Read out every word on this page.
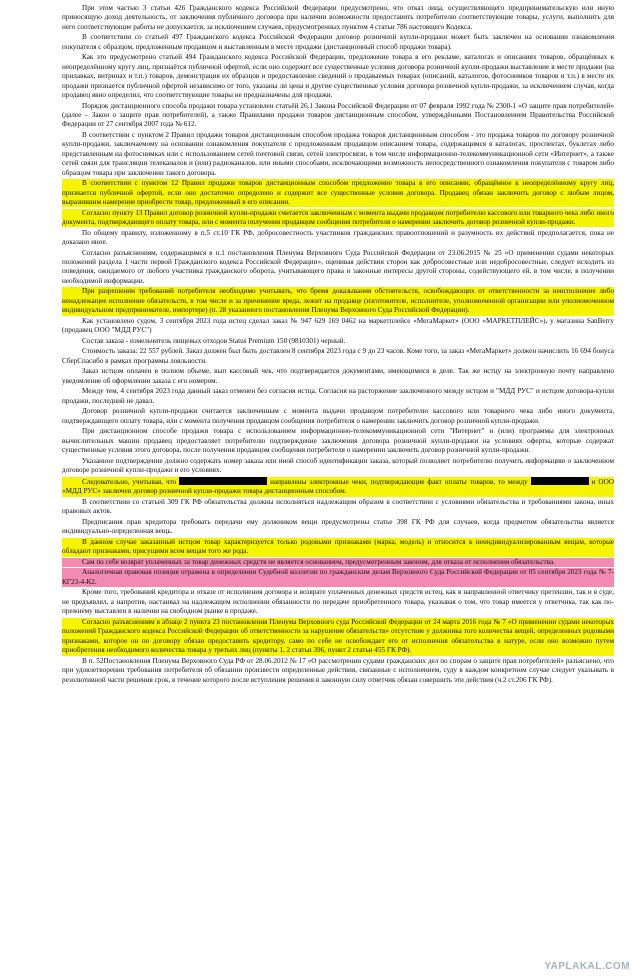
При этом частью 3 статьи 426 Гражданского кодекса Российской Федерации предусмотрено, что отказ лица, осуществляющего предпринимательскую или иную приносящую доход деятельность, от заключения публичного договора при наличии возможности предоставить потребителю соответствующие товары, услуги, выполнить для него соответствующие работы не допускается, за исключением случаев, предусмотренных пунктом 4 статьи 786 настоящего Кодекса.

В соответствии со статьей 497 Гражданского кодекса Российской Федерации договор розничной купли-продажи может быть заключен на основании ознакомления покупателя с образцом, предложенным продавцом и выставленным в месте продажи (дистанционный способ продажи товара).

Как это предусмотрено статьей 494 Гражданского кодекса Российской Федерации, предложение товара в его рекламе, каталогах и описаниях товаров, обращённых к неопределённому кругу лиц, признаётся публичной офертой, если оно содержит все существенные условия договора розничной купли-продажи выставление в месте продажи (на прилавках, витринах и т.п.) товаров, демонстрация их образцов и предоставление сведений о продаваемых товарах (описаний, каталогов, фотоснимков товаров и т.п.) в месте их продажи признается публичной офертой независимо от того, указаны ли цена и другие существенные условия договора розничной купли-продажи, за исключением случая, когда продавец явно определил, что соответствующие товары не предназначены для продажи.

Порядок дистанционного способа продажи товара установлен статьёй 26.1 Закона Российской Федерации от 07 февраля 1992 года № 2300-1 «О защите прав потребителей» (далее – Закон о защите прав потребителей), а также Правилами продажи товаров дистанционным способом, утверждёнными Постановлением Правительства Российской Федерации от 27 сентября 2007 года № 612.

В соответствии с пунктом 2 Правил продажи товаров дистанционным способом продажа товаров дистанционным способом - это продажа товаров по договору розничной купли-продажи, заключаемому на основании ознакомления покупателя с предложенным продавцом описанием товара, содержащимся в каталогах, проспектах, буклетах либо представленным на фотоснимках или с использованием сетей почтовой связи, сетей электросвязи, в том числе информационно-телекоммуникационной сети «Интернет», а также сетей связи для трансляции телеканалов и (или) радиоканалов, или иными способами, исключающими возможность непосредственного ознакомления покупателя с товаром либо образцом товара при заключении такого договора.

В соответствии с пунктом 12 Правил продажи товаров дистанционным способом предложение товара в его описании, обращённое к неопределённому кругу лиц, признается публичной офертой, если оно достаточно определено и содержит все существенные условия договора. Продавец обязан заключить договор с любым лицом, выразившим намерение приобрести товар, предложенный в его описании.

Согласно пункту 13 Правил договор розничной купли-продажи считается заключенным с момента выдачи продавцом потребителю кассового или товарного чека либо иного документа, подтверждающего оплату товара, или с момента получения продавцом сообщения потребителя о намерении заключить договор розничной купли-продажи.

По общему правилу, изложенному в п.5 ст.10 ГК РФ, добросовестность участников гражданских правоотношений и разумность их действий предполагается, пока не доказано иное.

Согласно разъяснениям, содержащимся в п.1 постановления Пленума Верховного Суда Российской Федерации от 23.06.2015 № 25 «О применении судами некоторых положений раздела 1 части первой Гражданского кодекса Российской Федерации», оценивая действия сторон как добросовестные или недобросовестные, следует исходить из поведения, ожидаемого от любого участника гражданского оборота, учитывающего права и законные интересы другой стороны, содействующего ей, в том числе, в получении необходимой информации.

При разрешении требований потребителя необходимо учитывать, что бремя доказывания обстоятельств, освобождающих от ответственности за неисполнение либо ненадлежащее исполнение обязательств, в том числе и за причинение вреда, лежит на продавце (изготовителе, исполнителе, уполномоченной организации или уполномоченном индивидуальном предпринимателе, импортере) (п. 28 указанного постановления Пленума Верховного Суда Российской Федерации).

Как установлено судом, 3 сентября 2023 года истец сделал заказ № 947 629 169 0462 на маркетплейсе «МегаМаркет» (ООО «МАРКЕТПЛЕЙС»), у магазина SanBerry (продавец ООО "МДД РУС")

Состав заказа - измельчитель пищевых отходов Status Premium 150 (9810301) черный.

Стоимость заказа: 22 557 рублей. Заказ должен был быть доставлен 8 сентября 2023 года с 9 до 23 часов. Коме того, за заказ «МегаМаркет» должен начислить 16 694 бонуса СберСпасибо в рамках программы лояльности.

Заказ истцом оплачен в полном объеме, вып кассовый чек, что подтверждается документами, имеющимися в деле. Так же истцу на электронную почту направлено уведомление об оформлении заказа с его номером.

Между тем, 4 сентября 2023 года данный заказ отменен без согласия истца. Согласия на расторжение заключенного между истцом и "МДД РУС" и истцом договора-купли продажи, последний не давал.

Договор розничной купли-продажи считается заключенным с момента выдачи продавцом потребителю кассового или товарного чека либо иного документа, подтверждающего оплату товара, или с момента получения продавцом сообщения потребителя о намерении заключить договор розничной купли-продажи.

При дистанционном способе продажи товара с использованием информационно-телекоммуникационной сети "Интернет" и (или) программы для электронных вычислительных машин продавец предоставляет потребителю подтверждение заключения договора розничной купли-продажи на условиях оферты, которые содержат существенные условия этого договора, после получения продавцом сообщения потребителя о намерении заключить договор розничной купли-продажи.

Указанное подтверждение должно содержать номер заказа или иной способ идентификации заказа, который позволяет потребителю получить информацию о заключенном договоре розничной купли-продажи и его условиях.

Следовательно, учитывая, что	направлены электронные чеки, подтверждающие факт оплаты товаров, то между	и ООО «МДД РУС» заключен договор розничной купли-продажи товара дистанционным способом.

В соответствии со статьей 309 ГК РФ обязательства должны исполняться надлежащим образом в соответствии с условиями обязательства и требованиями закона, иных правовых актов.

Предписания прав кредитора требовать передачи ему должником вещи предусмотрены статье 398 ГК РФ для случаев, когда предметом обязательства является индивидуально-определенная вещь.

В данном случае заказанный истцом товар характеризуется только родовыми признаками (марка, модель) и относится к неиндивидуализированным вещам, которые обладают признаками, присущими всем вещам того же рода.

Сам по себе возврат уплаченных за товар денежных средств не является основанием, предусмотренным законом, для отказа от исполнения обязательства.

Аналогичная правовая позиция отражена в определении Судебной коллегии по гражданским делам Верховного Суда Российской Федерации от 05 сентября 2023 года № 7-КГ23-4-К2.

Кроме того, требований кредитора и отказе от исполнения договора и возврате уплаченных денежных средств истец, как в направленной ответчику претензии, так и в суде, не предъявлял, а напротив, настаивал на надлежащем исполнении обязанности по передаче приобретенного товара, указывая о том, что товар имеется у ответчика, так как по-прежнему выставлен в наличии на свободном рынке в продаже.

Согласно разъяснениям в абзаце 2 пункта 23 постановления Пленума Верховного суда Российской Федерации от 24 марта 2016 года № 7 «О применении судами некоторых положений Гражданского кодекса Российской Федерации об ответственности за нарушение обязательств» отсутствие у должника того количества вещей, определенных родовыми признаками, которое он по договору обязан предоставить кредитору, само по себе не освобождает его от исполнения обязательства в натуре, если оно возможно путем приобретения необходимого количества товара у третьих лиц (пункты 1, 2 статьи 396, пункт 2 статьи 455 ГК РФ).

В п. 52Постановления Пленума Верховного Суда РФ от 28.06.2012 № 17 «О рассмотрении судами гражданских дел по спорам о защите прав потребителей» разъяснено, что при удовлетворении требования потребителя об обязании произвести определенные действия, связанные с исполнением, суду в каждом конкретном случае следует указывать в резолютивной части решения срок, в течение которого после вступления решения в законную силу ответчик обязан совершить эти действия (ч.2 ст.206 ГК РФ).

YAPLAKAL.COM
